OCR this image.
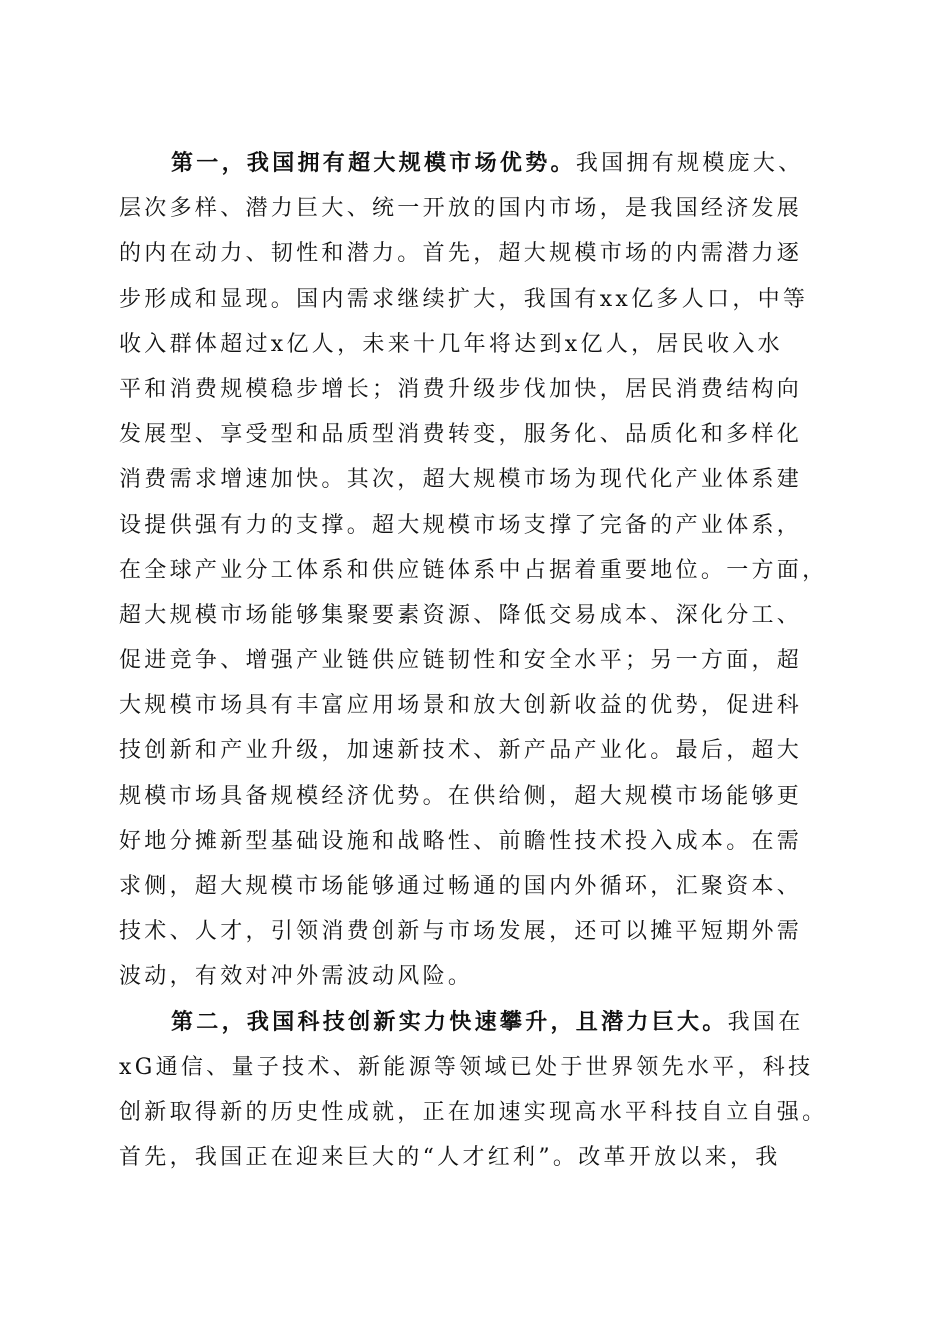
第一，我国拥有超大规模市场优势。我国拥有规模庞大、
层次多样、潜力巨大、统一开放的国内市场，是我国经济发展
的内在动力、韧性和潜力。首先，超大规模市场的内需潜力逐
步形成和显现。国内需求继续扩大，我国有xx亿多人口，中等
收入群体超过x亿人，未来十几年将达到x亿人，居民收入水
平和消费规模稳步增长；消费升级步伐加快，居民消费结构向
发展型、享受型和品质型消费转变，服务化、品质化和多样化
消费需求增速加快。其次，超大规模市场为现代化产业体系建
设提供强有力的支撑。超大规模市场支撑了完备的产业体系，
在全球产业分工体系和供应链体系中占据着重要地位。一方面，
超大规模市场能够集聚要素资源、降低交易成本、深化分工、
促进竞争、增强产业链供应链韧性和安全水平；另一方面，超
大规模市场具有丰富应用场景和放大创新收益的优势，促进科
技创新和产业升级，加速新技术、新产品产业化。最后，超大
规模市场具备规模经济优势。在供给侧，超大规模市场能够更
好地分摊新型基础设施和战略性、前瞻性技术投入成本。在需
求侧，超大规模市场能够通过畅通的国内外循环，汇聚资本、
技术、人才，引领消费创新与市场发展，还可以摊平短期外需
波动，有效对冲外需波动风险。
第二，我国科技创新实力快速攀升，且潜力巨大。我国在
xG通信、量子技术、新能源等领域已处于世界领先水平，科技
创新取得新的历史性成就，正在加速实现高水平科技自立自强。
首先，我国正在迎来巨大的“人才红利”。改革开放以来，我
